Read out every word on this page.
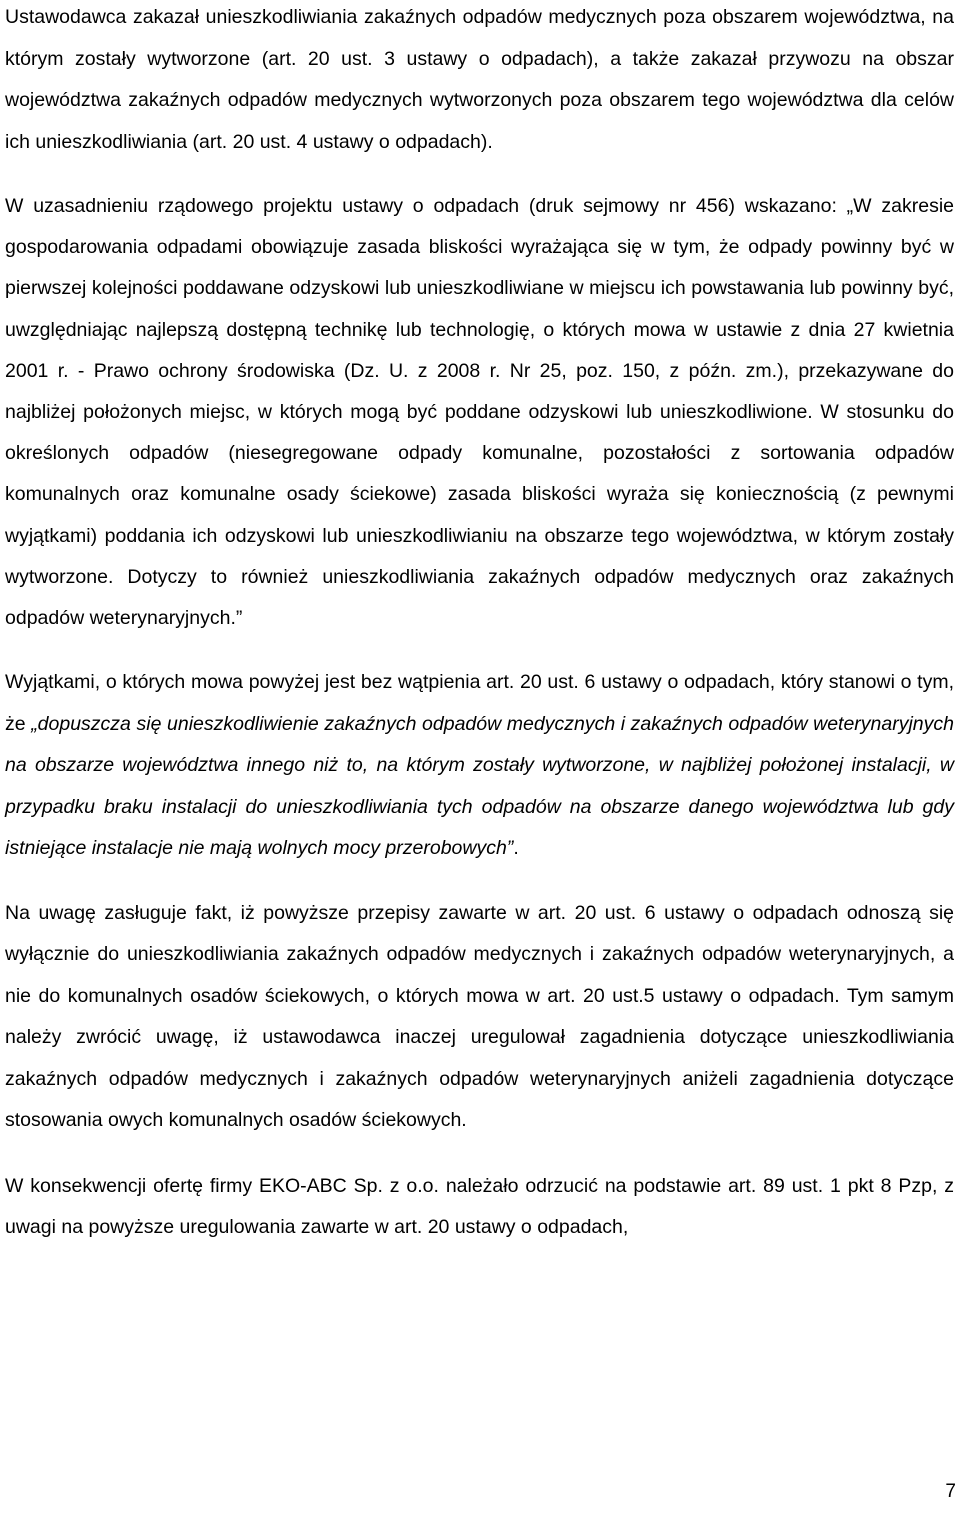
Ustawodawca zakazał unieszkodliwiania zakaźnych odpadów medycznych poza obszarem województwa, na którym zostały wytworzone (art. 20 ust. 3 ustawy o odpadach), a także zakazał przywozu na obszar województwa zakaźnych odpadów medycznych wytworzonych poza obszarem tego województwa dla celów ich unieszkodliwiania (art. 20 ust. 4 ustawy o odpadach).

W uzasadnieniu rządowego projektu ustawy o odpadach (druk sejmowy nr 456) wskazano: „W zakresie gospodarowania odpadami obowiązuje zasada bliskości wyrażająca się w tym, że odpady powinny być w pierwszej kolejności poddawane odzyskowi lub unieszkodliwiane w miejscu ich powstawania lub powinny być, uwzględniając najlepszą dostępną technikę lub technologię, o których mowa w ustawie z dnia 27 kwietnia 2001 r. - Prawo ochrony środowiska (Dz. U. z 2008 r. Nr 25, poz. 150, z późn. zm.), przekazywane do najbliżej położonych miejsc, w których mogą być poddane odzyskowi lub unieszkodliwione. W stosunku do określonych odpadów (niesegregowane odpady komunalne, pozostałości z sortowania odpadów komunalnych oraz komunalne osady ściekowe) zasada bliskości wyraża się koniecznością (z pewnymi wyjątkami) poddania ich odzyskowi lub unieszkodliwianiu na obszarze tego województwa, w którym zostały wytworzone. Dotyczy to również unieszkodliwiania zakaźnych odpadów medycznych oraz zakaźnych odpadów weterynaryjnych.”

Wyjątkami, o których mowa powyżej jest bez wątpienia art. 20 ust. 6 ustawy o odpadach, który stanowi o tym, że „dopuszcza się unieszkodliwienie zakaźnych odpadów medycznych i zakaźnych odpadów weterynaryjnych na obszarze województwa innego niż to, na którym zostały wytworzone, w najbliżej położonej instalacji, w przypadku braku instalacji do unieszkodliwiania tych odpadów na obszarze danego województwa lub gdy istniejące instalacje nie mają wolnych mocy przerobowych”.

Na uwagę zasługuje fakt, iż powyższe przepisy zawarte w art. 20 ust. 6 ustawy o odpadach odnoszą się wyłącznie do unieszkodliwiania zakaźnych odpadów medycznych i zakaźnych odpadów weterynaryjnych, a nie do komunalnych osadów ściekowych, o których mowa w art. 20 ust.5 ustawy o odpadach. Tym samym należy zwrócić uwagę, iż ustawodawca inaczej uregulował zagadnienia dotyczące unieszkodliwiania zakaźnych odpadów medycznych i zakaźnych odpadów weterynaryjnych aniżeli zagadnienia dotyczące stosowania owych komunalnych osadów ściekowych.

W konsekwencji ofertę firmy EKO-ABC Sp. z o.o. należało odrzucić na podstawie art. 89 ust. 1 pkt 8 Pzp, z uwagi na powyższe uregulowania zawarte w art. 20 ustawy o odpadach,

7
